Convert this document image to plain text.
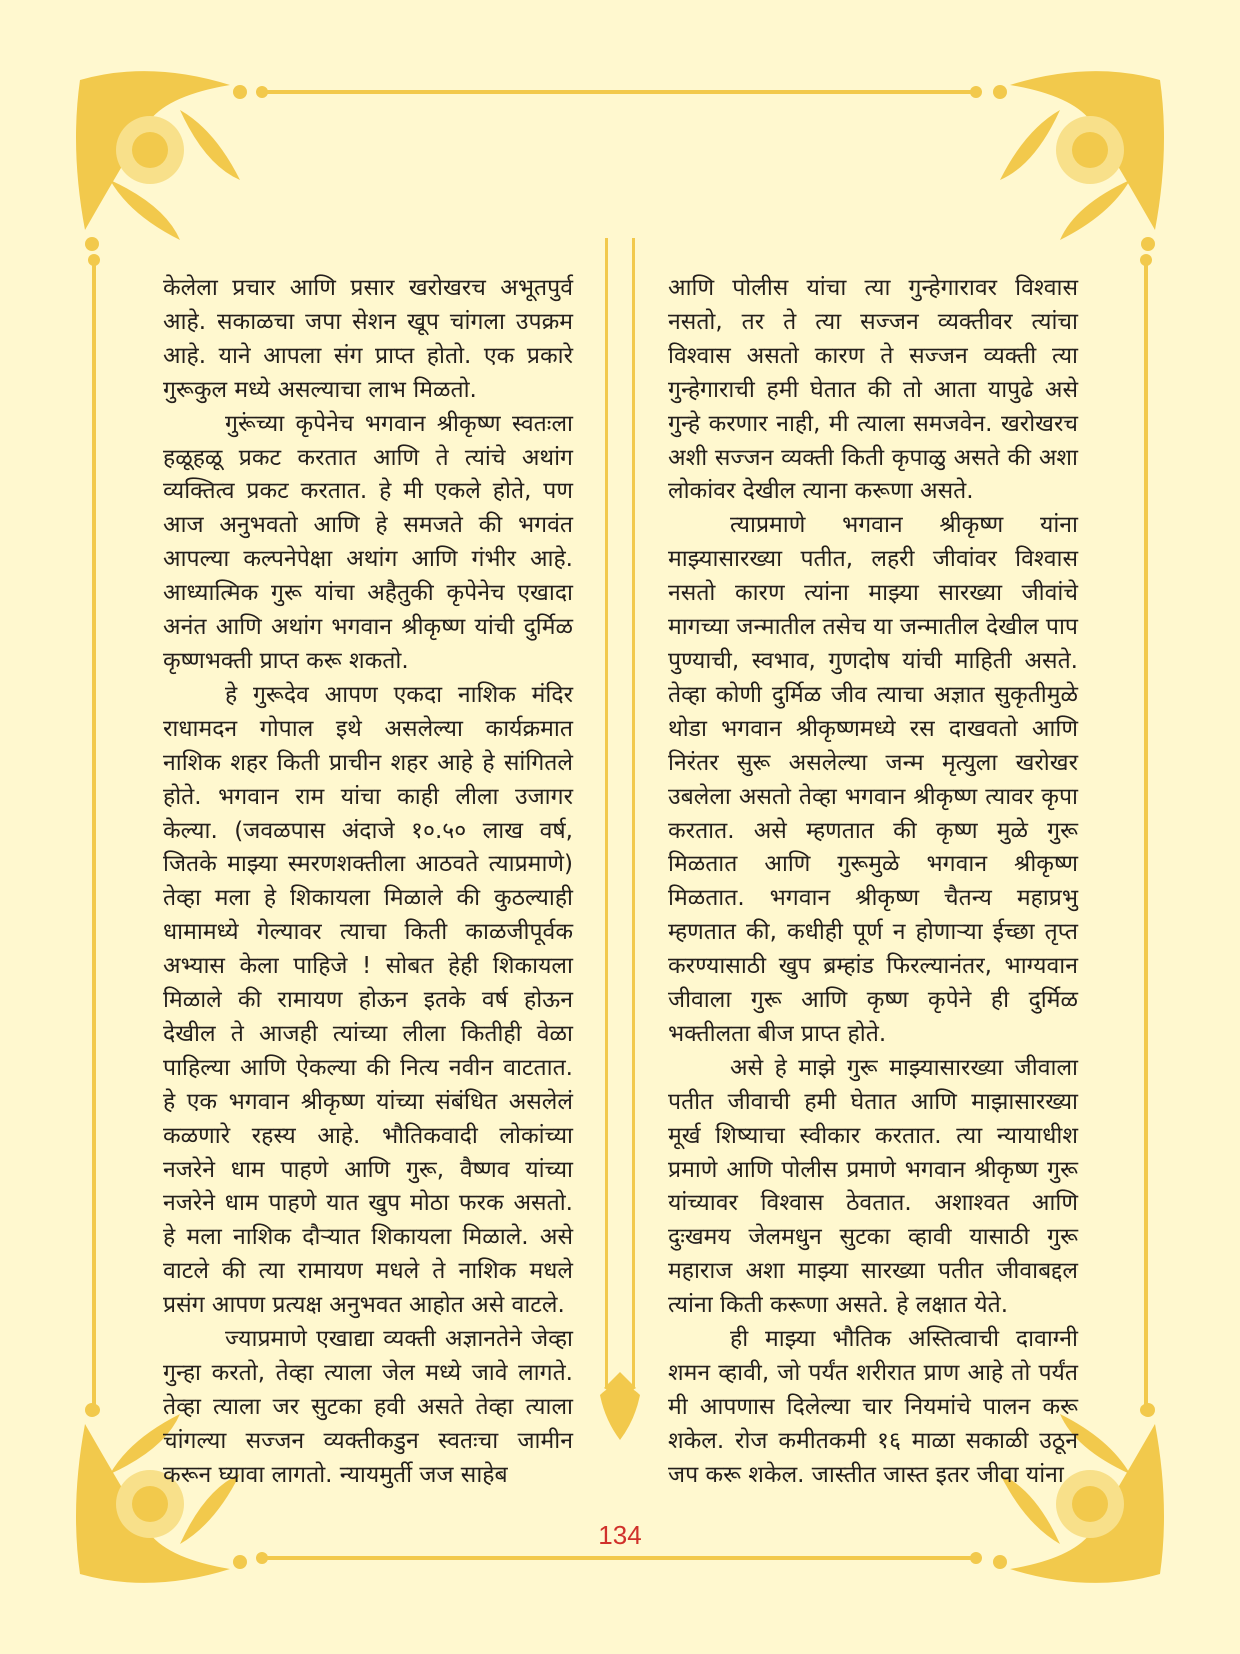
केलेला प्रचार आणि प्रसार खरोखरच अभूतपुर्व आहे. सकाळचा जपा सेशन खूप चांगला उपक्रम आहे. याने आपला संग प्राप्त होतो. एक प्रकारे गुरूकुल मध्ये असल्याचा लाभ मिळतो.

गुरूंच्या कृपेनेच भगवान श्रीकृष्ण स्वतःला हळूहळू प्रकट करतात आणि ते त्यांचे अथांग व्यक्तित्व प्रकट करतात. हे मी एकले होते, पण आज अनुभवतो आणि हे समजते की भगवंत आपल्या कल्पनेपेक्षा अथांग आणि गंभीर आहे. आध्यात्मिक गुरू यांचा अहैतुकी कृपेनेच एखादा अनंत आणि अथांग भगवान श्रीकृष्ण यांची दुर्मिळ कृष्णभक्ती प्राप्त करू शकतो.

हे गुरूदेव आपण एकदा नाशिक मंदिर राधामदन गोपाल इथे असलेल्या कार्यक्रमात नाशिक शहर किती प्राचीन शहर आहे हे सांगितले होते. भगवान राम यांचा काही लीला उजागर केल्या. (जवळपास अंदाजे १०.५० लाख वर्ष, जितके माझ्या स्मरणशक्तीला आठवते त्याप्रमाणे) तेव्हा मला हे शिकायला मिळाले की कुठल्याही धामामध्ये गेल्यावर त्याचा किती काळजीपूर्वक अभ्यास केला पाहिजे ! सोबत हेही शिकायला मिळाले की रामायण होऊन इतके वर्ष होऊन देखील ते आजही त्यांच्या लीला कितीही वेळा पाहिल्या आणि ऐकल्या की नित्य नवीन वाटतात. हे एक भगवान श्रीकृष्ण यांच्या संबंधित असलेलं कळणारे रहस्य आहे. भौतिकवादी लोकांच्या नजरेने धाम पाहणे आणि गुरू, वैष्णव यांच्या नजरेने धाम पाहणे यात खुप मोठा फरक असतो. हे मला नाशिक दौऱ्यात शिकायला मिळाले. असे वाटले की त्या रामायण मधले ते नाशिक मधले प्रसंग आपण प्रत्यक्ष अनुभवत आहोत असे वाटले.

ज्याप्रमाणे एखाद्या व्यक्ती अज्ञानतेने जेव्हा गुन्हा करतो, तेव्हा त्याला जेल मध्ये जावे लागते. तेव्हा त्याला जर सुटका हवी असते तेव्हा त्याला चांगल्या सज्जन व्यक्तीकडुन स्वतःचा जामीन करून घ्यावा लागतो. न्यायमुर्ती जज साहेब

आणि पोलीस यांचा त्या गुन्हेगारावर विश्वास नसतो, तर ते त्या सज्जन व्यक्तीवर त्यांचा विश्वास असतो कारण ते सज्जन व्यक्ती त्या गुन्हेगाराची हमी घेतात की तो आता यापुढे असे गुन्हे करणार नाही, मी त्याला समजवेन. खरोखरच अशी सज्जन व्यक्ती किती कृपाळु असते की अशा लोकांवर देखील त्याना करूणा असते.

त्याप्रमाणे भगवान श्रीकृष्ण यांना माझ्यासारख्या पतीत, लहरी जीवांवर विश्वास नसतो कारण त्यांना माझ्या सारख्या जीवांचे मागच्या जन्मातील तसेच या जन्मातील देखील पाप पुण्याची, स्वभाव, गुणदोष यांची माहिती असते. तेव्हा कोणी दुर्मिळ जीव त्याचा अज्ञात सुकृतीमुळे थोडा भगवान श्रीकृष्णमध्ये रस दाखवतो आणि निरंतर सुरू असलेल्या जन्म मृत्युला खरोखर उबलेला असतो तेव्हा भगवान श्रीकृष्ण त्यावर कृपा करतात. असे म्हणतात की कृष्ण मुळे गुरू मिळतात आणि गुरूमुळे भगवान श्रीकृष्ण मिळतात. भगवान श्रीकृष्ण चैतन्य महाप्रभु म्हणतात की, कधीही पूर्ण न होणाऱ्या ईच्छा तृप्त करण्यासाठी खुप ब्रम्हांड फिरल्यानंतर, भाग्यवान जीवाला गुरू आणि कृष्ण कृपेने ही दुर्मिळ भक्तीलता बीज प्राप्त होते.

असे हे माझे गुरू माझ्यासारख्या जीवाला पतीत जीवाची हमी घेतात आणि माझासारख्या मूर्ख शिष्याचा स्वीकार करतात. त्या न्यायाधीश प्रमाणे आणि पोलीस प्रमाणे भगवान श्रीकृष्ण गुरू यांच्यावर विश्वास ठेवतात. अशाश्वत आणि दुःखमय जेलमधुन सुटका व्हावी यासाठी गुरू महाराज अशा माझ्या सारख्या पतीत जीवाबद्दल त्यांना किती करूणा असते. हे लक्षात येते.

ही माझ्या भौतिक अस्तित्वाची दावाग्नी शमन व्हावी, जो पर्यंत शरीरात प्राण आहे तो पर्यंत मी आपणास दिलेल्या चार नियमांचे पालन करू शकेल. रोज कमीतकमी १६ माळा सकाळी उठून जप करू शकेल. जास्तीत जास्त इतर जीवा यांना

134
